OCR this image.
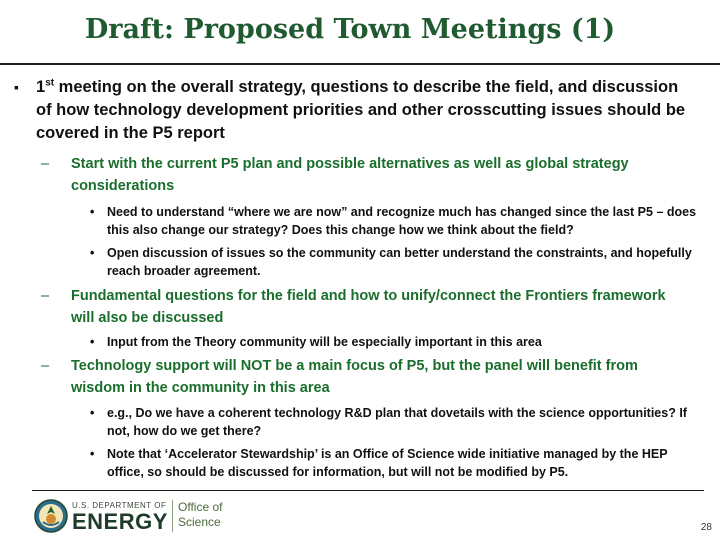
Draft: Proposed Town Meetings (1)
▪ 1st meeting on the overall strategy, questions to describe the field, and discussion of how technology development priorities and other crosscutting issues should be covered in the P5 report
– Start with the current P5 plan and possible alternatives as well as global strategy considerations
• Need to understand “where we are now” and recognize much has changed since the last P5 – does this also change our strategy? Does this change how we think about the field?
• Open discussion of issues so the community can better understand the constraints, and hopefully reach broader agreement.
– Fundamental questions for the field and how to unify/connect the Frontiers framework will also be discussed
• Input from the Theory community will be especially important in this area
– Technology support will NOT be a main focus of P5, but the panel will benefit from wisdom in the community in this area
• e.g., Do we have a coherent technology R&D plan that dovetails with the science opportunities? If not, how do we get there?
• Note that ‘Accelerator Stewardship’ is an Office of Science wide initiative managed by the HEP office, so should be discussed for information, but will not be modified by P5.
U.S. DEPARTMENT OF
ENERGY
Office of
Science	28
